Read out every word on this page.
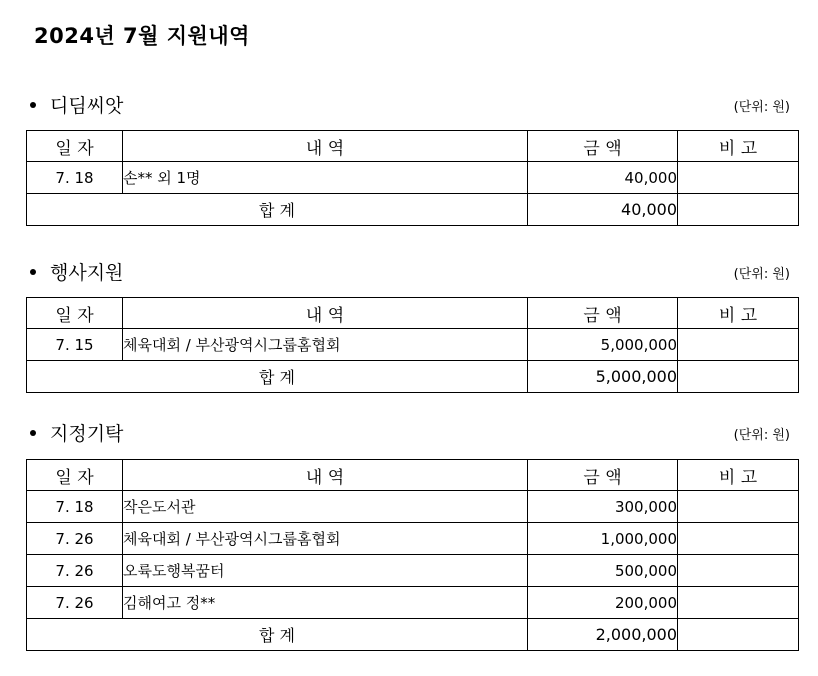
2024년 7월 지원내역
디딤씨앗	(단위: 원)
일 자	내 역	금 액	비 고
7. 18	손** 외 1명	40,000	
합 계		40,000	
행사지원	(단위: 원)
일 자	내 역	금 액	비 고
7. 15	체육대회 / 부산광역시그룹홈협회	5,000,000	
합 계		5,000,000	
지정기탁	(단위: 원)
일 자	내 역	금 액	비 고
7. 18	작은도서관	300,000	
7. 26	체육대회 / 부산광역시그룹홈협회	1,000,000	
7. 26	오륙도행복꿈터	500,000	
7. 26	김해여고 정**	200,000	
합 계		2,000,000	
